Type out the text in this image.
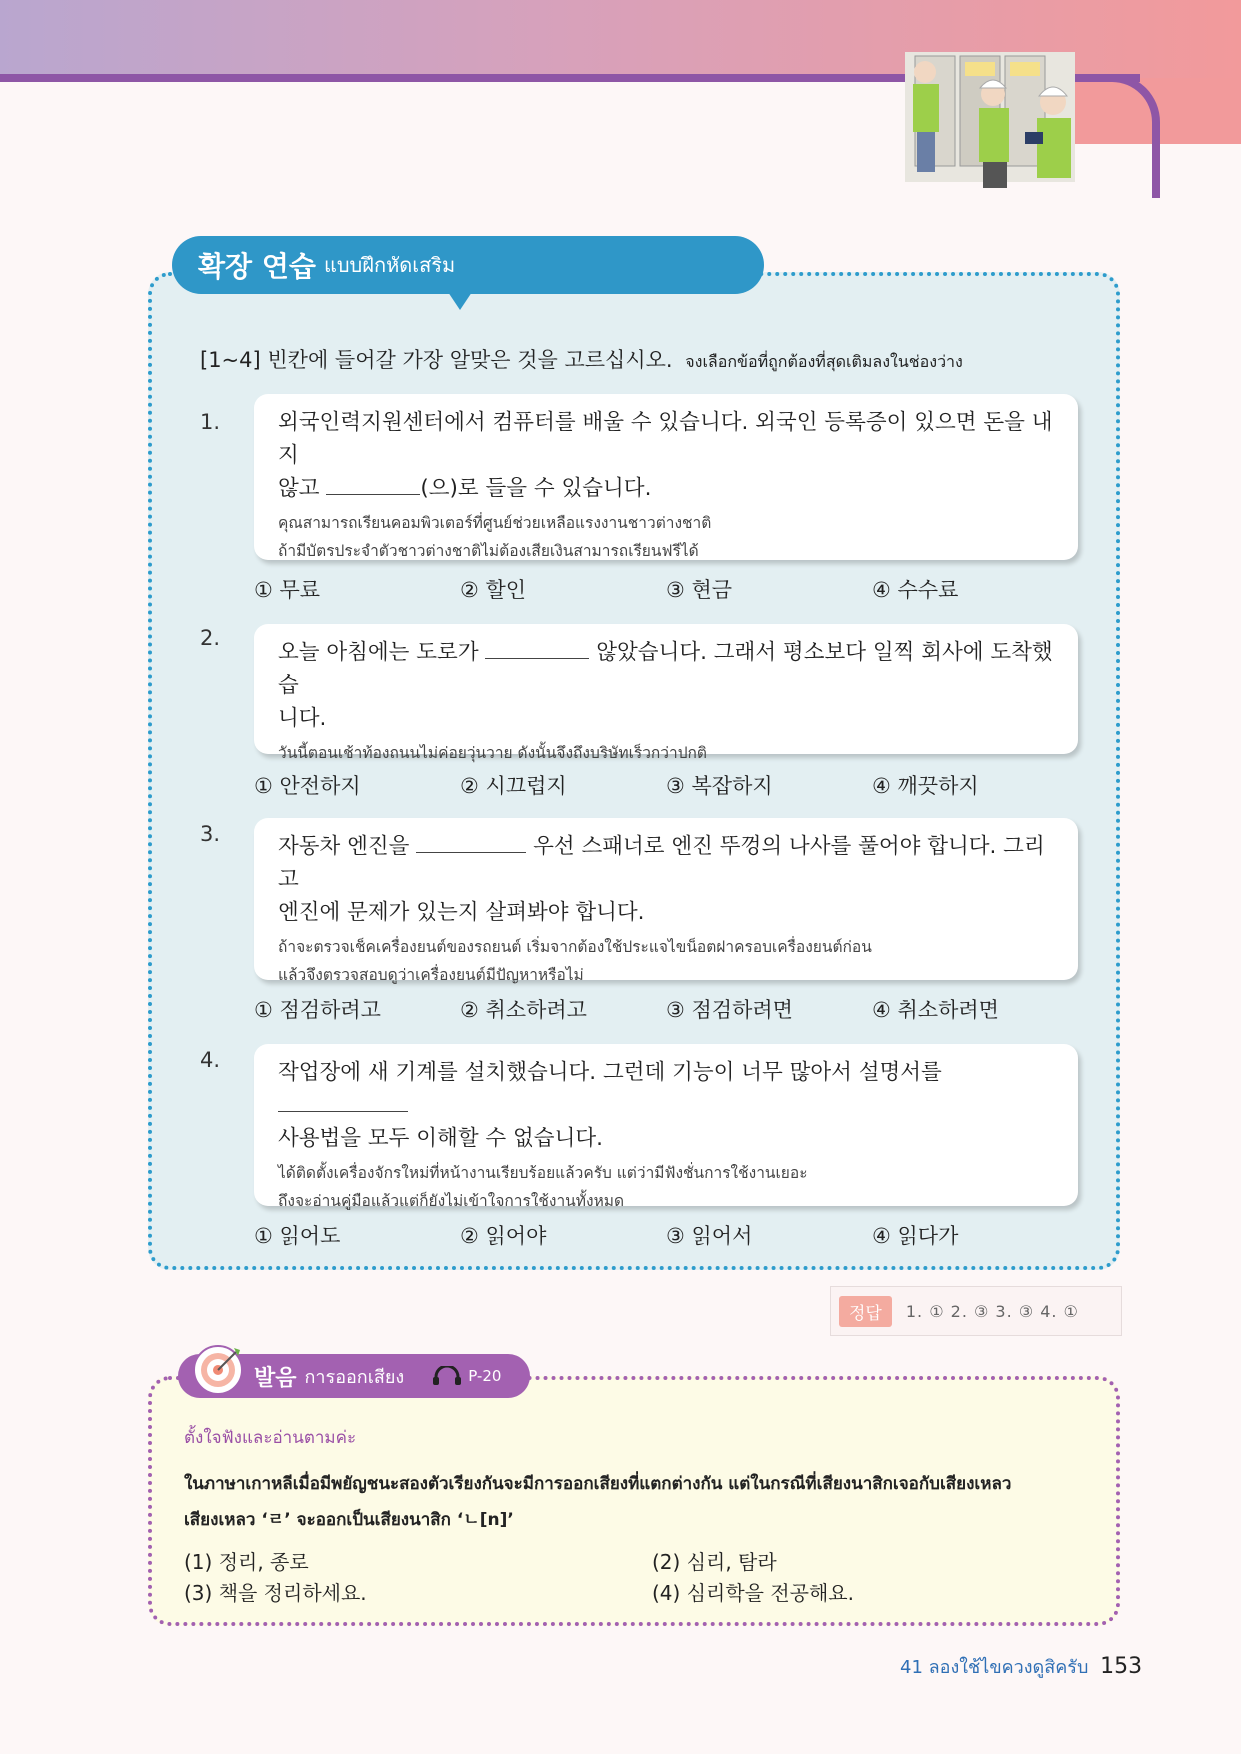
확장 연습 แบบฝึกหัดเสริม
[1~4] 빈칸에 들어갈 가장 알맞은 것을 고르십시오. จงเลือกข้อที่ถูกต้องที่สุดเติมลงในช่องว่าง
1.	외국인력지원센터에서 컴퓨터를 배울 수 있습니다. 외국인 등록증이 있으면 돈을 내지
않고	(으)로 들을 수 있습니다.
คุณสามารถเรียนคอมพิวเตอร์ที่ศูนย์ช่วยเหลือแรงงานชาวต่างชาติ
ถ้ามีบัตรประจำตัวชาวต่างชาติไม่ต้องเสียเงินสามารถเรียนฟรีได้
① 무료	② 할인	③ 현금	④ 수수료
2.
오늘 아침에는 도로가	않았습니다. 그래서 평소보다 일찍 회사에 도착했습
니다.
วันนี้ตอนเช้าท้องถนนไม่ค่อยวุ่นวาย ดังนั้นจึงถึงบริษัทเร็วกว่าปกติ
① 안전하지	② 시끄럽지	③ 복잡하지	④ 깨끗하지
3.	자동차 엔진을	우선 스패너로 엔진 뚜껑의 나사를 풀어야 합니다. 그리고
엔진에 문제가 있는지 살펴봐야 합니다.
ถ้าจะตรวจเช็คเครื่องยนต์ของรถยนต์ เริ่มจากต้องใช้ประแจไขน็อตฝาครอบเครื่องยนต์ก่อน
แล้วจึงตรวจสอบดูว่าเครื่องยนต์มีปัญหาหรือไม่
① 점검하려고	② 취소하려고	③ 점검하려면	④ 취소하려면
4.	작업장에 새 기계를 설치했습니다. 그런데 기능이 너무 많아서 설명서를
사용법을 모두 이해할 수 없습니다.
ได้ติดตั้งเครื่องจักรใหม่ที่หน้างานเรียบร้อยแล้วครับ แต่ว่ามีฟังชั่นการใช้งานเยอะ
ถึงจะอ่านคู่มือแล้วแต่ก็ยังไม่เข้าใจการใช้งานทั้งหมด
① 읽어도	② 읽어야	③ 읽어서	④ 읽다가
정답	1. ① 2. ③ 3. ③ 4. ①
발음 การออกเสียง	P-20
ตั้งใจฟังและอ่านตามค่ะ
ในภาษาเกาหลีเมื่อมีพยัญชนะสองตัวเรียงกันจะมีการออกเสียงที่แตกต่างกัน แต่ในกรณีที่เสียงนาสิกเจอกับเสียงเหลว
เสียงเหลว ‘ㄹ’ จะออกเป็นเสียงนาสิก ‘ㄴ[n]’
(1) 정리, 종로	(2) 심리, 탐라
(3) 책을 정리하세요.	(4) 심리학을 전공해요.
41 ลองใช้ไขควงดูสิครับ 153
